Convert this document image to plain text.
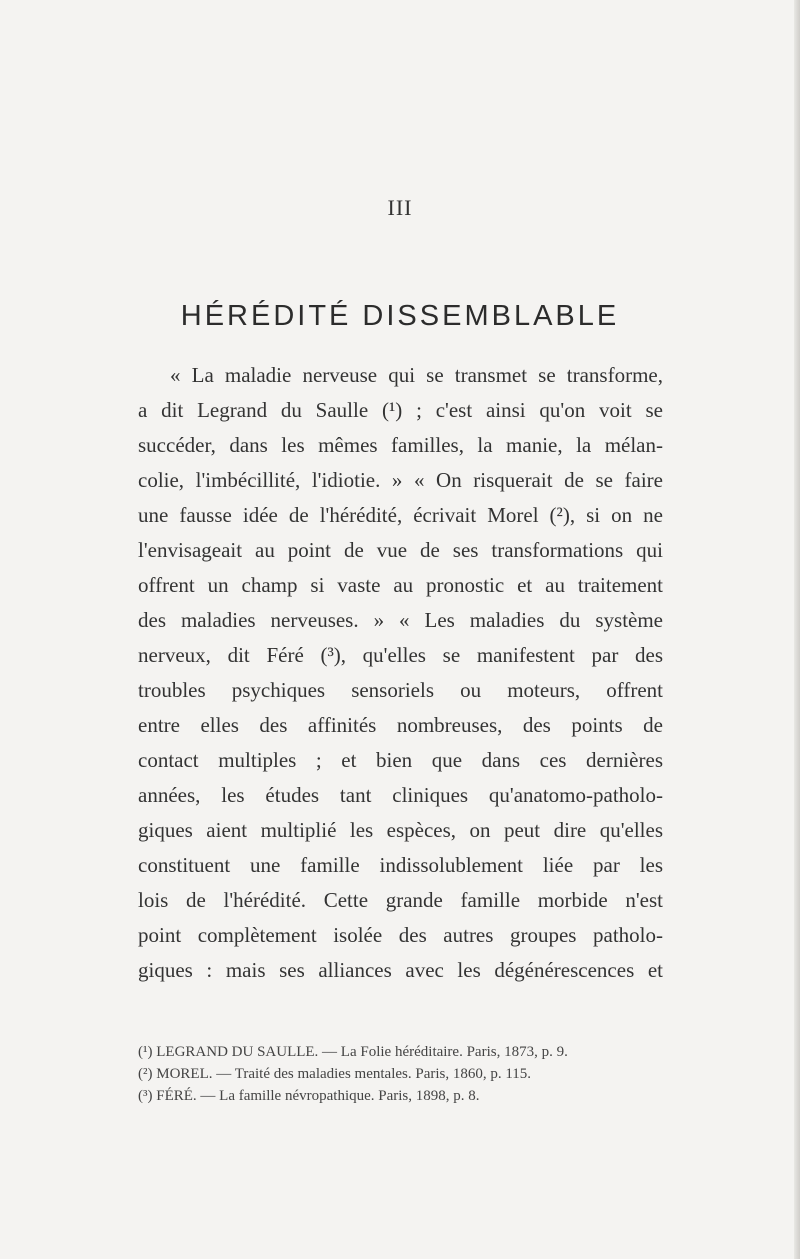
III
HÉRÉDITÉ DISSEMBLABLE
« La maladie nerveuse qui se transmet se transforme,
a dit Legrand du Saulle (¹) ; c'est ainsi qu'on voit se
succéder, dans les mêmes familles, la manie, la mélan-
colie, l'imbécillité, l'idiotie. » « On risquerait de se faire
une fausse idée de l'hérédité, écrivait Morel (²), si on ne
l'envisageait au point de vue de ses transformations qui
offrent un champ si vaste au pronostic et au traitement
des maladies nerveuses. » « Les maladies du système
nerveux, dit Féré (³), qu'elles se manifestent par des
troubles psychiques sensoriels ou moteurs, offrent
entre elles des affinités nombreuses, des points de
contact multiples ; et bien que dans ces dernières
années, les études tant cliniques qu'anatomo-patholo-
giques aient multiplié les espèces, on peut dire qu'elles
constituent une famille indissolublement liée par les
lois de l'hérédité. Cette grande famille morbide n'est
point complètement isolée des autres groupes patholo-
giques : mais ses alliances avec les dégénérescences et
(¹) LEGRAND DU SAULLE. — La Folie héréditaire. Paris, 1873, p. 9.
(²) MOREL. — Traité des maladies mentales. Paris, 1860, p. 115.
(³) FÉRÉ. — La famille névropathique. Paris, 1898, p. 8.
